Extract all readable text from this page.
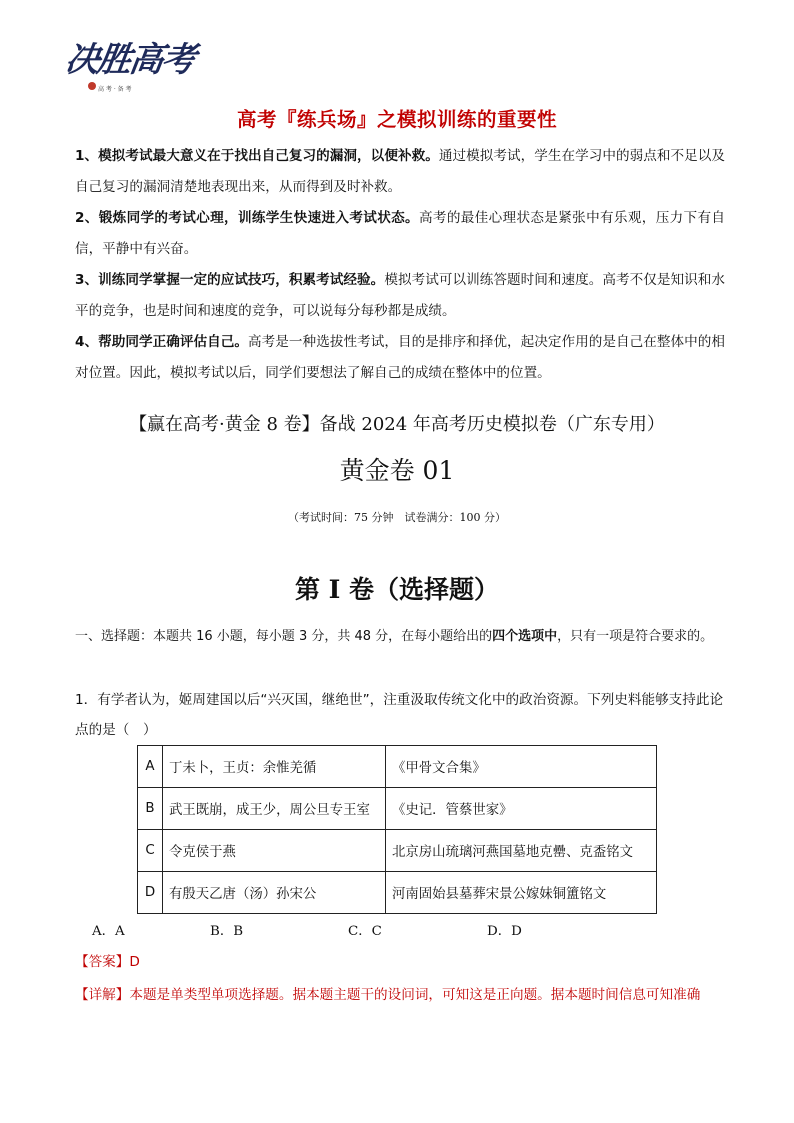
决胜高考
高 考 · 备 考
高考『练兵场』之模拟训练的重要性
1、模拟考试最大意义在于找出自己复习的漏洞，以便补救。通过模拟考试，学生在学习中的弱点和不足以及自己复习的漏洞清楚地表现出来，从而得到及时补救。
2、锻炼同学的考试心理，训练学生快速进入考试状态。高考的最佳心理状态是紧张中有乐观，压力下有自信，平静中有兴奋。
3、训练同学掌握一定的应试技巧，积累考试经验。模拟考试可以训练答题时间和速度。高考不仅是知识和水平的竞争，也是时间和速度的竞争，可以说每分每秒都是成绩。
4、帮助同学正确评估自己。高考是一种选拔性考试，目的是排序和择优，起决定作用的是自己在整体中的相对位置。因此，模拟考试以后，同学们要想法了解自己的成绩在整体中的位置。
【赢在高考·黄金 8 卷】备战 2024 年高考历史模拟卷（广东专用）
黄金卷 01
（考试时间：75 分钟　试卷满分：100 分）
第 I 卷（选择题）
一、选择题：本题共 16 小题，每小题 3 分，共 48 分，在每小题给出的四个选项中，只有一项是符合要求的。
1．有学者认为，姬周建国以后“兴灭国，继绝世”，注重汲取传统文化中的政治资源。下列史料能够支持此论点的是（　）
A	丁未卜，王贞：余惟羌循	《甲骨文合集》
B	武王既崩，成王少，周公旦专王室	《史记．管蔡世家》
C	令克侯于燕	北京房山琉璃河燕国墓地克罍、克盉铭文
D	有殷天乙唐（汤）孙宋公	河南固始县墓葬宋景公嫁妹铜簠铭文
A．A	B．B	C．C	D．D
【答案】D
【详解】本题是单类型单项选择题。据本题主题干的设问词，可知这是正向题。据本题时间信息可知准确
